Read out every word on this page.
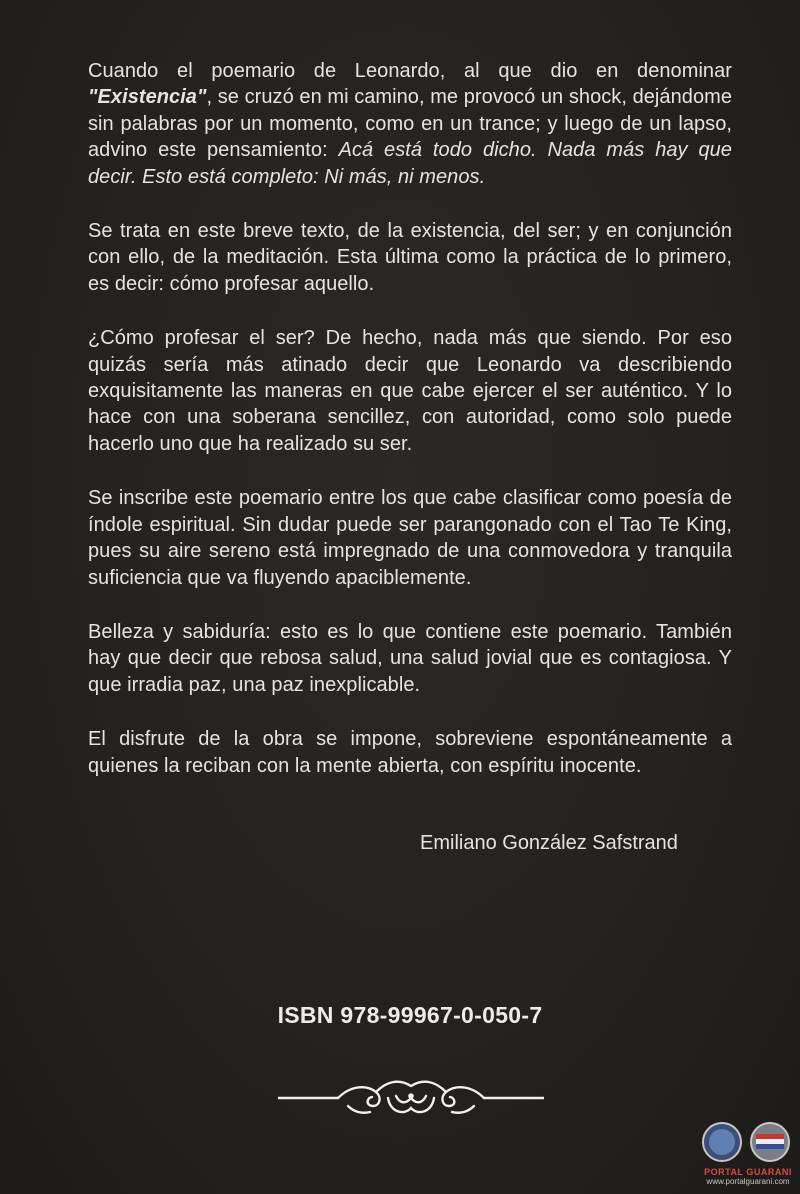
Cuando el poemario de Leonardo, al que dio en denominar "Existencia", se cruzó en mi camino, me provocó un shock, dejándome sin palabras por un momento, como en un trance; y luego de un lapso, advino este pensamiento: Acá está todo dicho. Nada más hay que decir. Esto está completo: Ni más, ni menos.

Se trata en este breve texto, de la existencia, del ser; y en conjunción con ello, de la meditación. Esta última como la práctica de lo primero, es decir: cómo profesar aquello.

¿Cómo profesar el ser? De hecho, nada más que siendo. Por eso quizás sería más atinado decir que Leonardo va describiendo exquisitamente las maneras en que cabe ejercer el ser auténtico. Y lo hace con una soberana sencillez, con autoridad, como solo puede hacerlo uno que ha realizado su ser.

Se inscribe este poemario entre los que cabe clasificar como poesía de índole espiritual. Sin dudar puede ser parangonado con el Tao Te King, pues su aire sereno está impregnado de una conmovedora y tranquila suficiencia que va fluyendo apaciblemente.

Belleza y sabiduría: esto es lo que contiene este poemario. También hay que decir que rebosa salud, una salud jovial que es contagiosa. Y que irradia paz, una paz inexplicable.

El disfrute de la obra se impone, sobreviene espontáneamente a quienes la reciban con la mente abierta, con espíritu inocente.

Emiliano González Safstrand
ISBN 978-99967-0-050-7
PORTAL GUARANI
www.portalguarani.com
